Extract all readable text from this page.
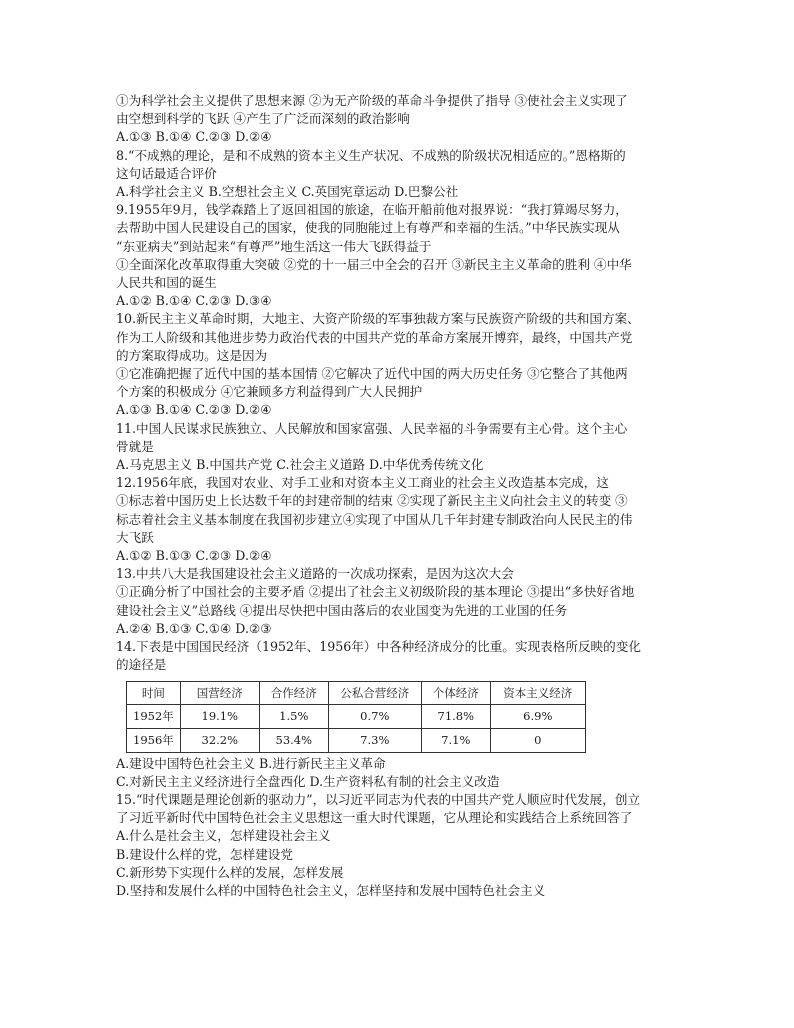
①为科学社会主义提供了思想来源 ②为无产阶级的革命斗争提供了指导 ③使社会主义实现了
由空想到科学的飞跃 ④产生了广泛而深刻的政治影响
A.①③ B.①④ C.②③ D.②④
8.“不成熟的理论，是和不成熟的资本主义生产状况、不成熟的阶级状况相适应的。”恩格斯的
这句话最适合评价
A.科学社会主义 B.空想社会主义 C.英国宪章运动 D.巴黎公社
9.1955年9月，钱学森踏上了返回祖国的旅途，在临开船前他对报界说：“我打算竭尽努力，
去帮助中国人民建设自己的国家，使我的同胞能过上有尊严和幸福的生活。”中华民族实现从
“东亚病夫”到站起来“有尊严”地生活这一伟大飞跃得益于
①全面深化改革取得重大突破 ②党的十一届三中全会的召开 ③新民主主义革命的胜利 ④中华
人民共和国的诞生
A.①② B.①④ C.②③ D.③④
10.新民主主义革命时期，大地主、大资产阶级的军事独裁方案与民族资产阶级的共和国方案、
作为工人阶级和其他进步势力政治代表的中国共产党的革命方案展开博弈，最终，中国共产党
的方案取得成功。这是因为
①它准确把握了近代中国的基本国情 ②它解决了近代中国的两大历史任务 ③它整合了其他两
个方案的积极成分 ④它兼顾多方利益得到广大人民拥护
A.①③ B.①④ C.②③ D.②④
11.中国人民谋求民族独立、人民解放和国家富强、人民幸福的斗争需要有主心骨。这个主心
骨就是
A.马克思主义 B.中国共产党 C.社会主义道路 D.中华优秀传统文化
12.1956年底，我国对农业、对手工业和对资本主义工商业的社会主义改造基本完成，这
①标志着中国历史上长达数千年的封建帝制的结束 ②实现了新民主主义向社会主义的转变 ③
标志着社会主义基本制度在我国初步建立④实现了中国从几千年封建专制政治向人民民主的伟
大飞跃
A.①② B.①③ C.②③ D.②④
13.中共八大是我国建设社会主义道路的一次成功探索，是因为这次大会
①正确分析了中国社会的主要矛盾 ②提出了社会主义初级阶段的基本理论 ③提出“多快好省地
建设社会主义”总路线 ④提出尽快把中国由落后的农业国变为先进的工业国的任务
A.②④ B.①③ C.①④ D.②③
14.下表是中国国民经济（1952年、1956年）中各种经济成分的比重。实现表格所反映的变化
的途径是
时间	国营经济	合作经济	公私合营经济	个体经济	资本主义经济
1952年	19.1%	1.5%	0.7%	71.8%	6.9%
1956年	32.2%	53.4%	7.3%	7.1%	0
A.建设中国特色社会主义 B.进行新民主主义革命
C.对新民主主义经济进行全盘西化 D.生产资料私有制的社会主义改造
15.“时代课题是理论创新的驱动力”，以习近平同志为代表的中国共产党人顺应时代发展，创立
了习近平新时代中国特色社会主义思想这一重大时代课题，它从理论和实践结合上系统回答了
A.什么是社会主义，怎样建设社会主义
B.建设什么样的党，怎样建设党
C.新形势下实现什么样的发展，怎样发展
D.坚持和发展什么样的中国特色社会主义，怎样坚持和发展中国特色社会主义
